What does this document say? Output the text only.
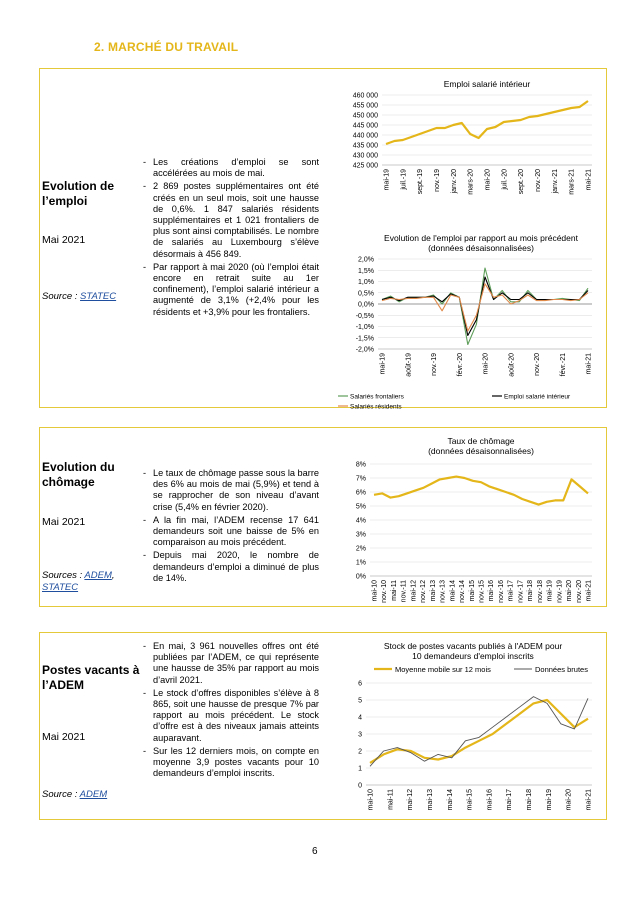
2. MARCHÉ DU TRAVAIL
Evolution de l’emploi
Mai 2021
Source : STATEC
- Les créations d’emploi se sont accélérées au mois de mai.
- 2 869 postes supplémentaires ont été créés en un seul mois, soit une hausse de 0,6%. 1 847 salariés résidents supplémentaires et 1 021 frontaliers de plus sont ainsi comptabilisés. Le nombre de salariés au Luxembourg s’élève désormais à 456 849.
- Par rapport à mai 2020 (où l’emploi était encore en retrait suite au 1er confinement), l’emploi salarié intérieur a augmenté de 3,1% (+2,4% pour les résidents et +3,9% pour les frontaliers.
Emploi salarié intérieur
460 000
455 000
450 000
445 000
440 000
435 000
430 000
425 000
mai-19 juil.-19 sept.-19 nov.-19 janv.-20 mars-20 mai-20 juil.-20 sept.-20 nov.-20 janv.-21 mars-21 mai-21
Evolution de l'emploi par rapport au mois précédent
(données désaisonnalisées)
2,0%
1,5%
1,0%
0,5%
0,0%
-0,5%
-1,0%
-1,5%
-2,0%
mai-19	août-19	nov.-19	févr.-20	mai-20	août-20	nov.-20	févr.-21	mai-21
Salariés frontaliers	Emploi salarié intérieur
Salariés résidents
Evolution du chômage
Mai 2021
Sources : ADEM,
STATEC
- Le taux de chômage passe sous la barre des 6% au mois de mai (5,9%) et tend à se rapprocher de son niveau d’avant crise (5,4% en février 2020).
- A la fin mai, l’ADEM recense 17 641 demandeurs soit une baisse de 5% en comparaison au mois précédent.
- Depuis mai 2020, le nombre de demandeurs d’emploi a diminué de plus de 14%.
Taux de chômage
(données désaisonnalisées)
8%
7%
6%
5%
4%
3%
2%
1%
0%
mai-10 nov.-10 mai-11 nov.-11 mai-12 nov.-12 mai-13 nov.-13 mai-14 nov.-14 mai-15 nov.-15 mai-16 nov.-16 mai-17 nov.-17 mai-18 nov.-18 mai-19 nov.-19 mai-20 nov.-20 mai-21
Postes vacants à l’ADEM
Mai 2021
Source : ADEM
- En mai, 3 961 nouvelles offres ont été publiées par l’ADEM, ce qui représente une hausse de 35% par rapport au mois d’avril 2021.
- Le stock d’offres disponibles s’élève à 8 865, soit une hausse de presque 7% par rapport au mois précédent. Le stock d’offre est à des niveaux jamais atteints auparavant.
- Sur les 12 derniers mois, on compte en moyenne 3,9 postes vacants pour 10 demandeurs d’emploi inscrits.
Stock de postes vacants publiés à l'ADEM pour
10 demandeurs d'emploi inscrits
6
5
4
3
2
1
0
mai-10 mai-11 mai-12 mai-13 mai-14 mai-15 mai-16 mai-17 mai-18 mai-19 mai-20 mai-21
Moyenne mobile sur 12 mois	Données brutes
6
